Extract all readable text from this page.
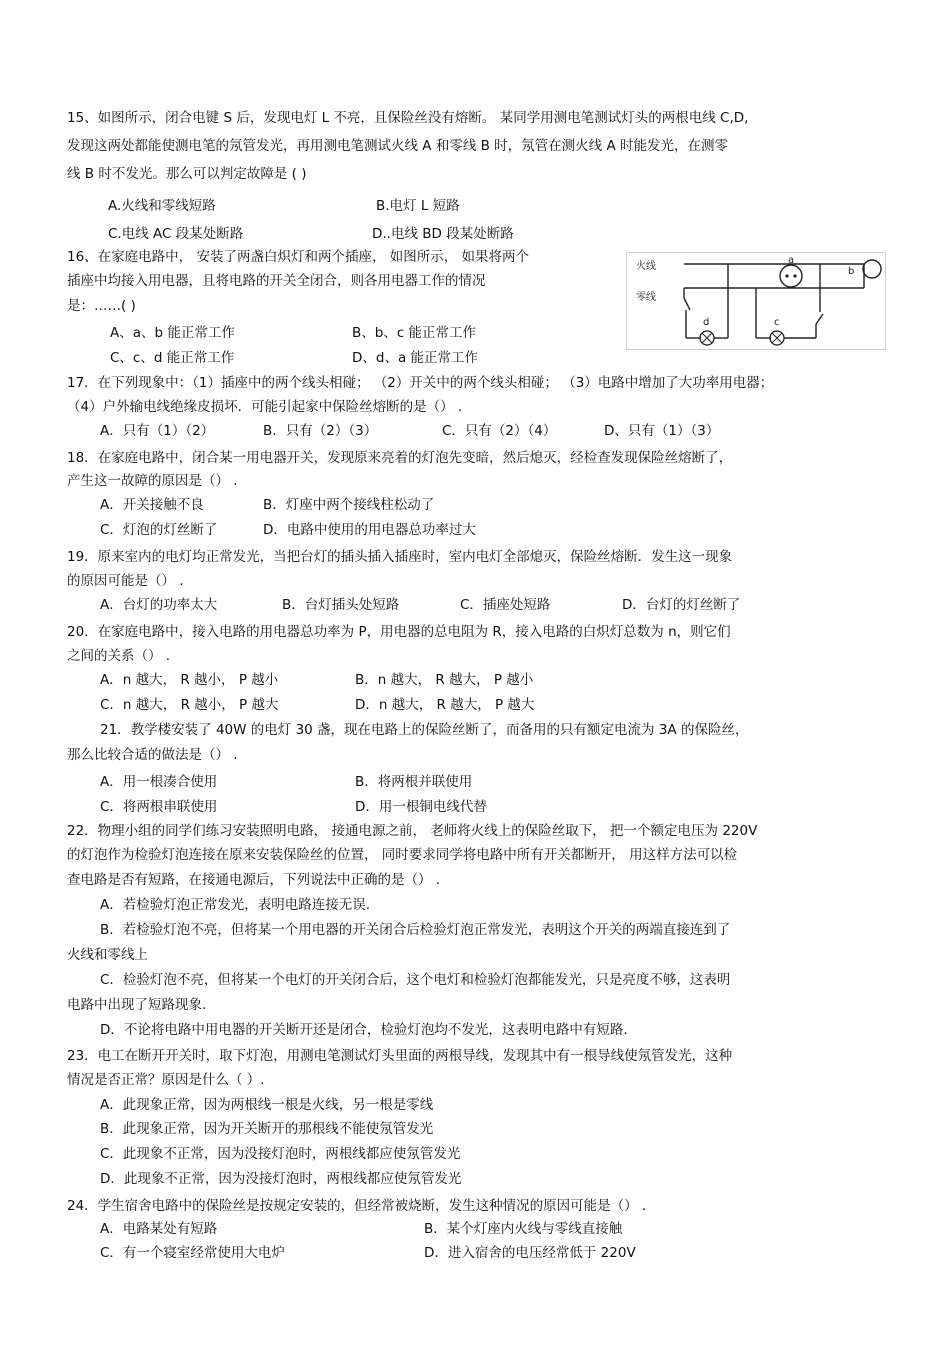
15、如图所示，闭合电键 S 后，发现电灯 L 不亮，且保险丝没有熔断。 某同学用测电笔测试灯头的两根电线 C,D,
发现这两处都能使测电笔的氖管发光，再用测电笔测试火线 A 和零线 B 时，氖管在测火线 A 时能发光，在测零
线 B 时不发光。那么可以判定故障是 ( )
A.火线和零线短路	B.电灯 L 短路
C.电线 AC 段某处断路	D..电线 BD 段某处断路
16、在家庭电路中， 安装了两盏白炽灯和两个插座， 如图所示， 如果将两个
插座中均接入用电器，且将电路的开关全闭合，则各用电器工作的情况
是：……( )
A、a、b 能正常工作	B、b、c 能正常工作
C、c、d 能正常工作	D、d、a 能正常工作
火线
零线
a
b
d	c
17．在下列现象中：（1）插座中的两个线头相碰； （2）开关中的两个线头相碰； （3）电路中增加了大功率用电器；
（4）户外输电线绝缘皮损坏．可能引起家中保险丝熔断的是（） .
A．只有（1）（2）	B．只有（2）（3）	C．只有（2）（4）	D、只有（1）（3）
18．在家庭电路中，闭合某一用电器开关，发现原来亮着的灯泡先变暗，然后熄灭，经检查发现保险丝熔断了，
产生这一故障的原因是（） .
A．开关接触不良	B．灯座中两个接线柱松动了
C．灯泡的灯丝断了	D．电路中使用的用电器总功率过大
19．原来室内的电灯均正常发光，当把台灯的插头插入插座时，室内电灯全部熄灭，保险丝熔断．发生这一现象
的原因可能是（） .
A．台灯的功率太大	B．台灯插头处短路	C．插座处短路	D．台灯的灯丝断了
20．在家庭电路中，接入电路的用电器总功率为 P，用电器的总电阻为 R，接入电路的白炽灯总数为 n，则它们
之间的关系（） .
A．n 越大， R 越小， P 越小	B．n 越大， R 越大， P 越小
C．n 越大， R 越小， P 越大	D．n 越大， R 越大， P 越大
21．教学楼安装了 40W 的电灯 30 盏，现在电路上的保险丝断了，而备用的只有额定电流为 3A 的保险丝，
那么比较合适的做法是（） .
A．用一根凑合使用	B．将两根并联使用
C．将两根串联使用	D．用一根铜电线代替
22．物理小组的同学们练习安装照明电路， 接通电源之前， 老师将火线上的保险丝取下， 把一个额定电压为 220V
的灯泡作为检验灯泡连接在原来安装保险丝的位置， 同时要求同学将电路中所有开关都断开， 用这样方法可以检
查电路是否有短路，在接通电源后，下列说法中正确的是（） .
A．若检验灯泡正常发光，表明电路连接无误.
B．若检验灯泡不亮，但将某一个用电器的开关闭合后检验灯泡正常发光，表明这个开关的两端直接连到了
火线和零线上
C．检验灯泡不亮，但将某一个电灯的开关闭合后，这个电灯和检验灯泡都能发光，只是亮度不够，这表明
电路中出现了短路现象.
D．不论将电路中用电器的开关断开还是闭合，检验灯泡均不发光，这表明电路中有短路.
23．电工在断开开关时，取下灯泡，用测电笔测试灯头里面的两根导线，发现其中有一根导线使氖管发光，这种
情况是否正常？原因是什么（ ）.
A．此现象正常，因为两根线一根是火线，另一根是零线
B．此现象正常，因为开关断开的那根线不能使氖管发光
C．此现象不正常，因为没接灯泡时，两根线都应使氖管发光
D．此现象不正常，因为没接灯泡时，两根线都应使氖管发光
24．学生宿舍电路中的保险丝是按规定安装的，但经常被烧断，发生这种情况的原因可能是（） .
A．电路某处有短路	B．某个灯座内火线与零线直接触
C．有一个寝室经常使用大电炉	D．进入宿舍的电压经常低于 220V
